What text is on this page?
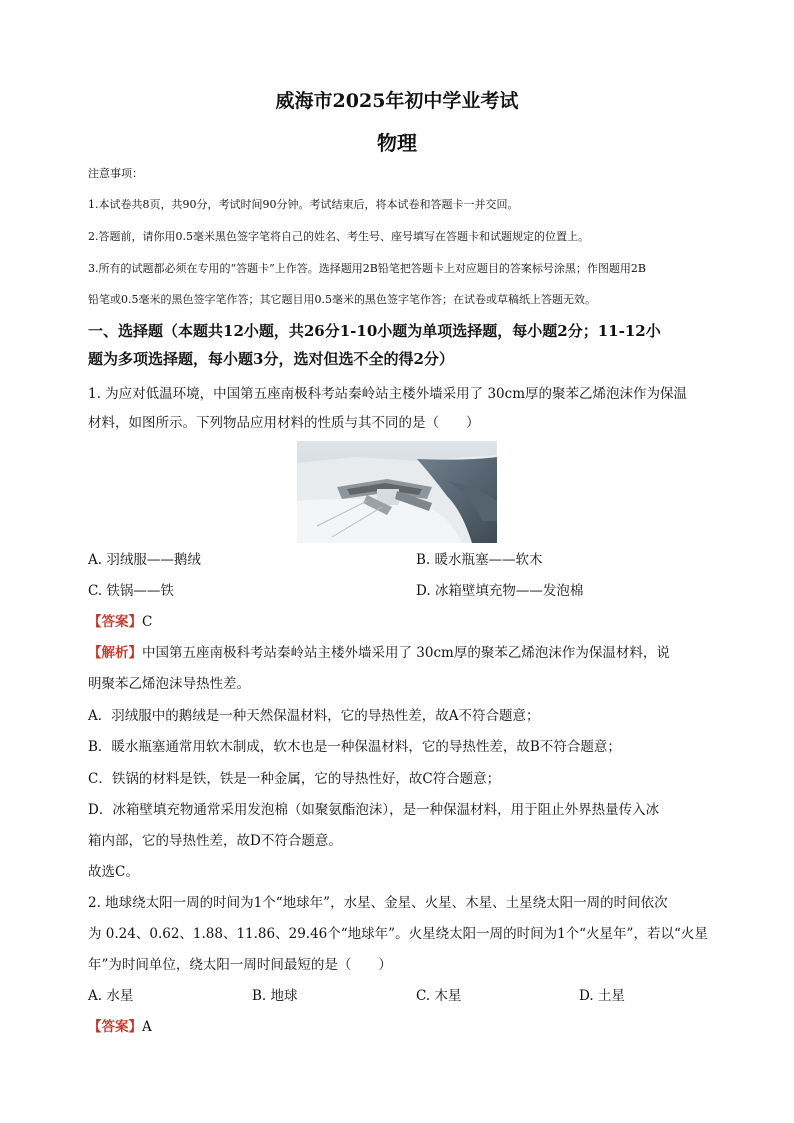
威海市2025年初中学业考试
物理
注意事项：
1.本试卷共8页，共90分，考试时间90分钟。考试结束后，将本试卷和答题卡一并交回。
2.答题前，请你用0.5毫米黑色签字笔将自己的姓名、考生号、座号填写在答题卡和试题规定的位置上。
3.所有的试题都必须在专用的“答题卡”上作答。选择题用2B铅笔把答题卡上对应题目的答案标号涂黑；作图题用2B
铅笔或0.5毫米的黑色签字笔作答；其它题目用0.5毫米的黑色签字笔作答；在试卷或草稿纸上答题无效。
一、选择题（本题共12小题，共26分1-10小题为单项选择题，每小题2分；11-12小
题为多项选择题，每小题3分，选对但选不全的得2分）
1. 为应对低温环境，中国第五座南极科考站秦岭站主楼外墙采用了 30cm厚的聚苯乙烯泡沫作为保温
材料，如图所示。下列物品应用材料的性质与其不同的是（　　）
A. 羽绒服——鹅绒	B. 暖水瓶塞——软木
C. 铁锅——铁	D. 冰箱壁填充物——发泡棉
【答案】C
【解析】中国第五座南极科考站秦岭站主楼外墙采用了 30cm厚的聚苯乙烯泡沫作为保温材料，说
明聚苯乙烯泡沫导热性差。
A．羽绒服中的鹅绒是一种天然保温材料，它的导热性差，故A不符合题意；
B．暖水瓶塞通常用软木制成，软木也是一种保温材料，它的导热性差，故B不符合题意；
C．铁锅的材料是铁，铁是一种金属，它的导热性好，故C符合题意；
D．冰箱壁填充物通常采用发泡棉（如聚氨酯泡沫），是一种保温材料，用于阻止外界热量传入冰
箱内部，它的导热性差，故D不符合题意。
故选C。
2. 地球绕太阳一周的时间为1个“地球年”，水星、金星、火星、木星、土星绕太阳一周的时间依次
为 0.24、0.62、1.88、11.86、29.46个“地球年”。火星绕太阳一周的时间为1个“火星年”，若以“火星
年”为时间单位，绕太阳一周时间最短的是（　　）
A. 水星	B. 地球	C. 木星	D. 土星
【答案】A
